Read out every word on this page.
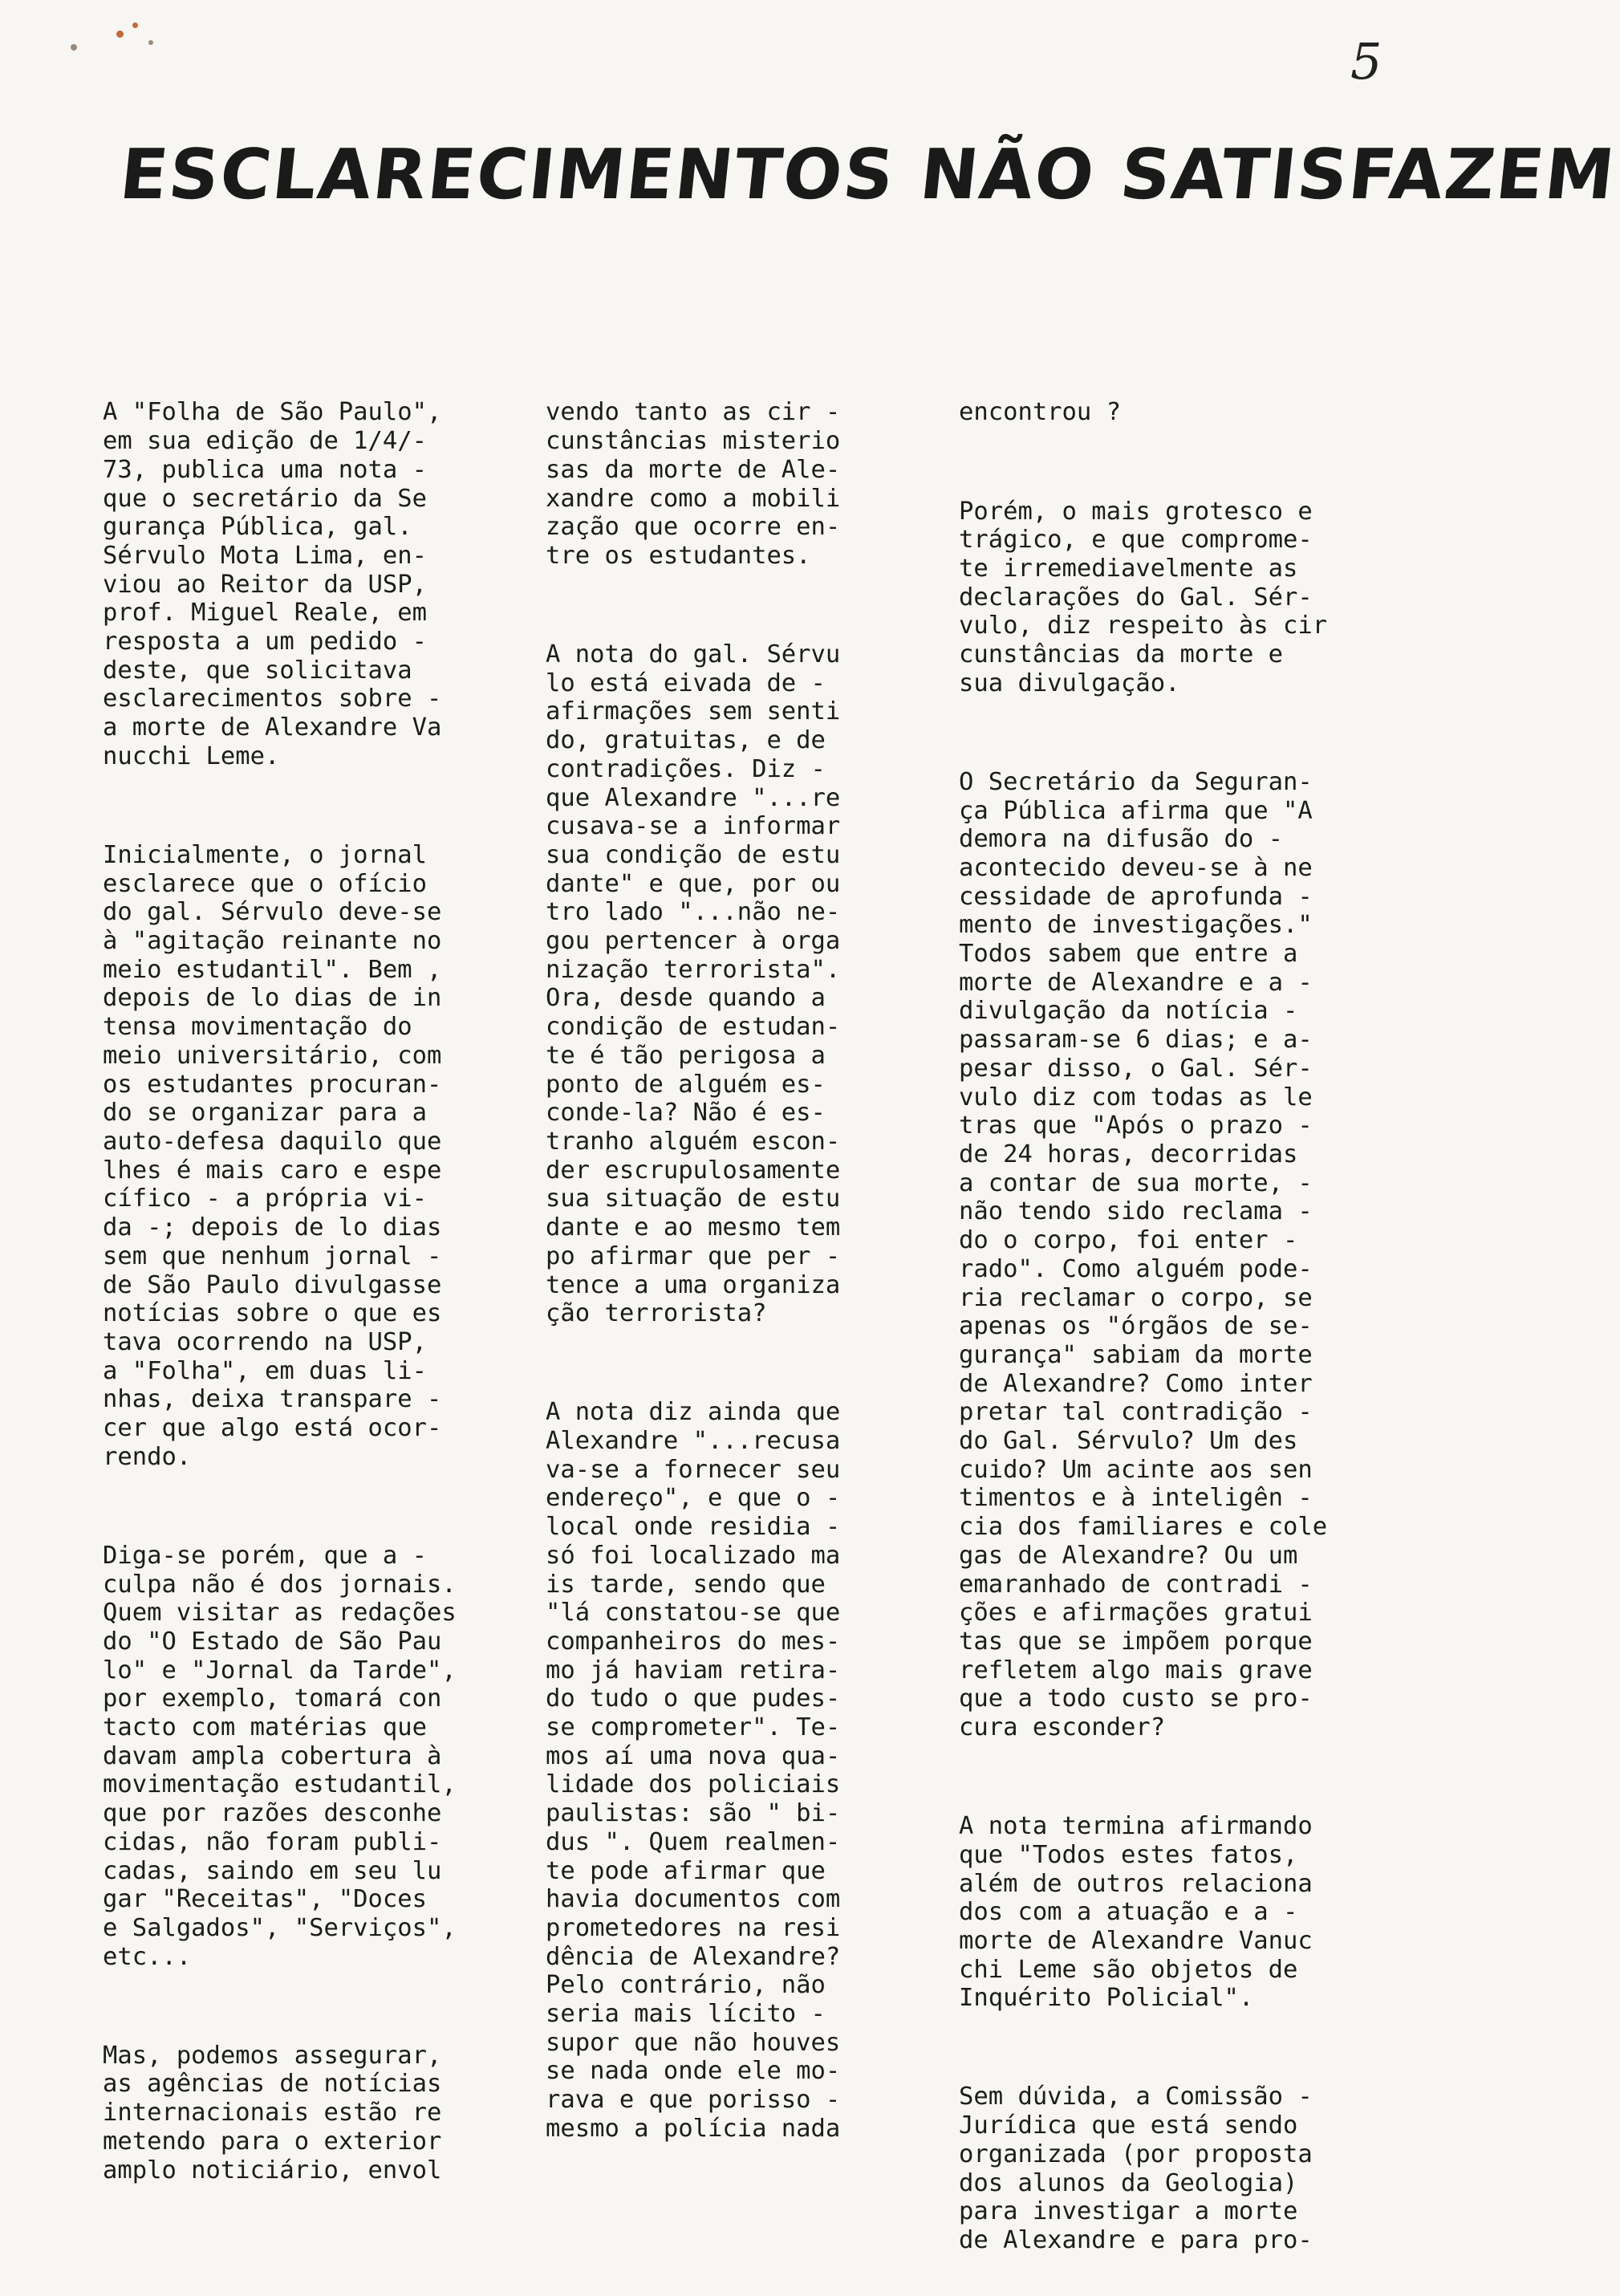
5
ESCLARECIMENTOS NÃO SATISFAZEM

A "Folha de São Paulo",
em sua edição de 1/4/-
73, publica uma nota -
que o secretário da Se
gurança Pública, gal.
Sérvulo Mota Lima, en-
viou ao Reitor da USP,
prof. Miguel Reale, em
resposta a um pedido -
deste, que solicitava
esclarecimentos sobre -
a morte de Alexandre Va
nucchi Leme.

Inicialmente, o jornal
esclarece que o ofício
do gal. Sérvulo deve-se
à "agitação reinante no
meio estudantil". Bem ,
depois de lo dias de in
tensa movimentação do
meio universitário, com
os estudantes procuran-
do se organizar para a
auto-defesa daquilo que
lhes é mais caro e espe
cífico - a própria vi-
da -; depois de lo dias
sem que nenhum jornal -
de São Paulo divulgasse
notícias sobre o que es
tava ocorrendo na USP,
a "Folha", em duas li-
nhas, deixa transpare -
cer que algo está ocor-
rendo.

Diga-se porém, que a -
culpa não é dos jornais.
Quem visitar as redações
do "O Estado de São Pau
lo" e "Jornal da Tarde",
por exemplo, tomará con
tacto com matérias que
davam ampla cobertura à
movimentação estudantil,
que por razões desconhe
cidas, não foram publi-
cadas, saindo em seu lu
gar "Receitas", "Doces
e Salgados", "Serviços",
etc...

Mas, podemos assegurar,
as agências de notícias
internacionais estão re
metendo para o exterior
amplo noticiário, envol

vendo tanto as cir -
cunstâncias misterio
sas da morte de Ale-
xandre como a mobili
zação que ocorre en-
tre os estudantes.

A nota do gal. Sérvu
lo está eivada de -
afirmações sem senti
do, gratuitas, e de
contradições. Diz -
que Alexandre "...re
cusava-se a informar
sua condição de estu
dante" e que, por ou
tro lado "...não ne-
gou pertencer à orga
nização terrorista".
Ora, desde quando a
condição de estudan-
te é tão perigosa a
ponto de alguém es-
conde-la? Não é es-
tranho alguém escon-
der escrupulosamente
sua situação de estu
dante e ao mesmo tem
po afirmar que per -
tence a uma organiza
ção terrorista?

A nota diz ainda que
Alexandre "...recusa
va-se a fornecer seu
endereço", e que o -
local onde residia -
só foi localizado ma
is tarde, sendo que
"lá constatou-se que
companheiros do mes-
mo já haviam retira-
do tudo o que pudes-
se comprometer". Te-
mos aí uma nova qua-
lidade dos policiais
paulistas: são " bi-
dus ". Quem realmen-
te pode afirmar que
havia documentos com
prometedores na resi
dência de Alexandre?
Pelo contrário, não
seria mais lícito -
supor que não houves
se nada onde ele mo-
rava e que porisso -
mesmo a polícia nada

encontrou ?

Porém, o mais grotesco e
trágico, e que comprome-
te irremediavelmente as
declarações do Gal. Sér-
vulo, diz respeito às cir
cunstâncias da morte e
sua divulgação.

O Secretário da Seguran-
ça Pública afirma que "A
demora na difusão do -
acontecido deveu-se à ne
cessidade de aprofunda -
mento de investigações."
Todos sabem que entre a
morte de Alexandre e a -
divulgação da notícia -
passaram-se 6 dias; e a-
pesar disso, o Gal. Sér-
vulo diz com todas as le
tras que "Após o prazo -
de 24 horas, decorridas
a contar de sua morte, -
não tendo sido reclama -
do o corpo, foi enter -
rado". Como alguém pode-
ria reclamar o corpo, se
apenas os "órgãos de se-
gurança" sabiam da morte
de Alexandre? Como inter
pretar tal contradição -
do Gal. Sérvulo? Um des
cuido? Um acinte aos sen
timentos e à inteligên -
cia dos familiares e cole
gas de Alexandre? Ou um
emaranhado de contradi -
ções e afirmações gratui
tas que se impõem porque
refletem algo mais grave
que a todo custo se pro-
cura esconder?

A nota termina afirmando
que "Todos estes fatos,
além de outros relaciona
dos com a atuação e a -
morte de Alexandre Vanuc
chi Leme são objetos de
Inquérito Policial".

Sem dúvida, a Comissão -
Jurídica que está sendo
organizada (por proposta
dos alunos da Geologia)
para investigar a morte
de Alexandre e para pro-
